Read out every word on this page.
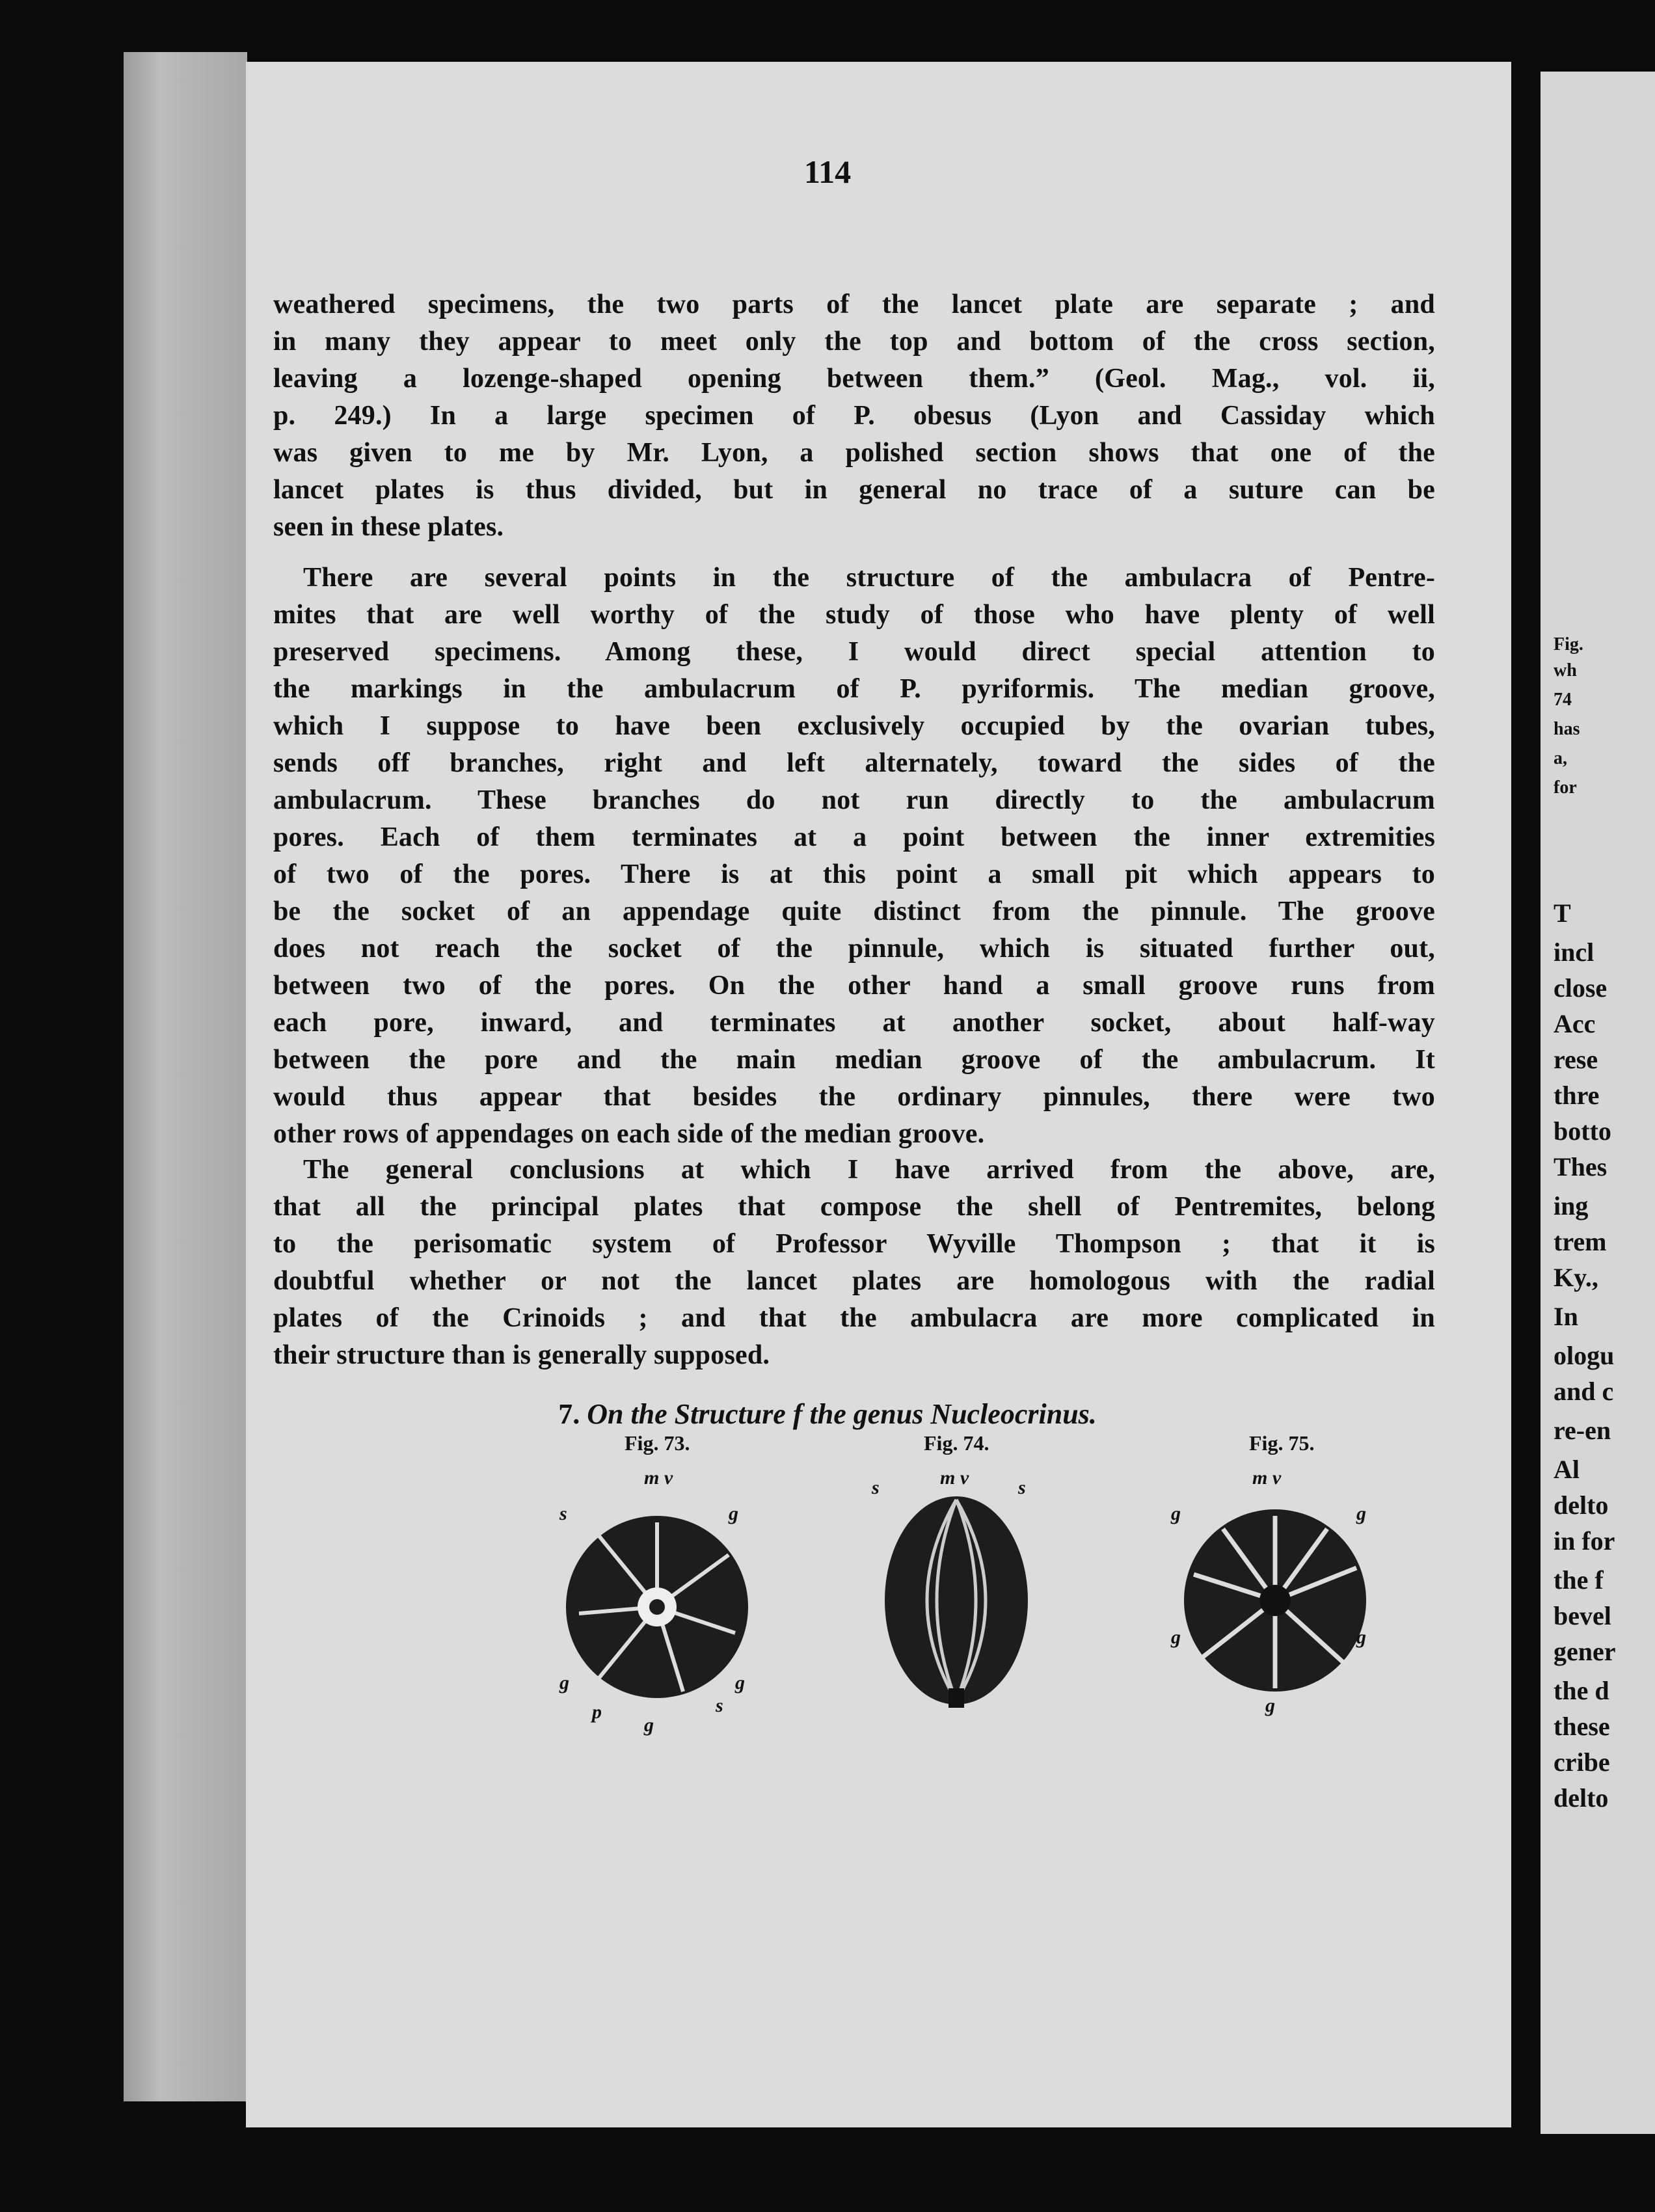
114
weathered specimens, the two parts of the lancet plate are separate ; and
in many they appear to meet only the top and bottom of the cross section,
leaving a lozenge-shaped opening between them.” (Geol. Mag., vol. ii,
p. 249.) In a large specimen of P. obesus (Lyon and Cassiday which
was given to me by Mr. Lyon, a polished section shows that one of the
lancet plates is thus divided, but in general no trace of a suture can be
seen in these plates.
There are several points in the structure of the ambulacra of Pentre-
mites that are well worthy of the study of those who have plenty of well
preserved specimens. Among these, I would direct special attention to
the markings in the ambulacrum of P. pyriformis. The median groove,
which I suppose to have been exclusively occupied by the ovarian tubes,
sends off branches, right and left alternately, toward the sides of the
ambulacrum. These branches do not run directly to the ambulacrum
pores. Each of them terminates at a point between the inner extremities
of two of the pores. There is at this point a small pit which appears to
be the socket of an appendage quite distinct from the pinnule. The groove
does not reach the socket of the pinnule, which is situated further out,
between two of the pores. On the other hand a small groove runs from
each pore, inward, and terminates at another socket, about half-way
between the pore and the main median groove of the ambulacrum. It
would thus appear that besides the ordinary pinnules, there were two
other rows of appendages on each side of the median groove.
The general conclusions at which I have arrived from the above, are,
that all the principal plates that compose the shell of Pentremites, belong
to the perisomatic system of Professor Wyville Thompson ; that it is
doubtful whether or not the lancet plates are homologous with the radial
plates of the Crinoids ; and that the ambulacra are more complicated in
their structure than is generally supposed.
7. On the Structure f the genus Nucleocrinus.
Fig. 73.
m v
s	g
g
p
g
s
g
Fig. 74.
m v
s	s
Fig. 75.
m v
g	g
g	g
g
Fig.
wh
74
has
a,
for
T
incl
close
Acc
rese
thre
botto
Thes
ing
trem
Ky.,
In
ologu
and c
re-en
Al
delto
in for
the f
bevel
gener
the d
these
cribe
delto
